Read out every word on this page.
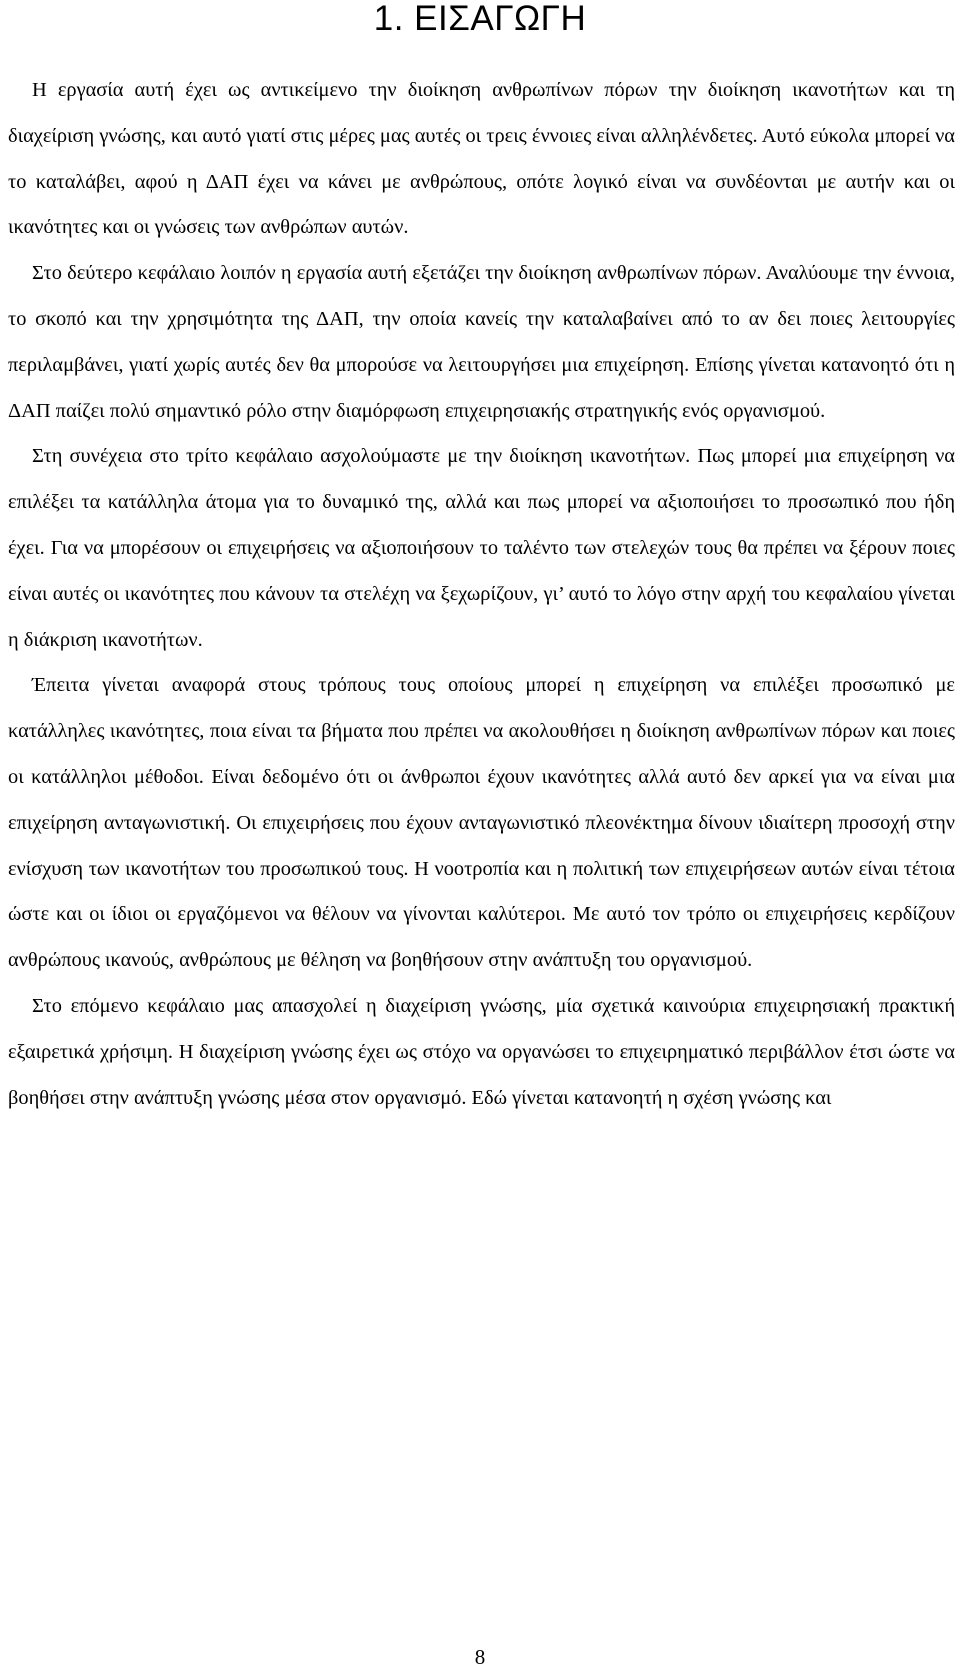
1. ΕΙΣΑΓΩΓΗ

Η εργασία αυτή έχει ως αντικείμενο την διοίκηση ανθρωπίνων πόρων την διοίκηση ικανοτήτων και τη διαχείριση γνώσης, και αυτό γιατί στις μέρες μας αυτές οι τρεις έννοιες είναι αλληλένδετες. Αυτό εύκολα μπορεί να το καταλάβει, αφού η ΔΑΠ έχει να κάνει με ανθρώπους, οπότε λογικό είναι να συνδέονται με αυτήν και οι ικανότητες και οι γνώσεις των ανθρώπων αυτών.

Στο δεύτερο κεφάλαιο λοιπόν η εργασία αυτή εξετάζει την διοίκηση ανθρωπίνων πόρων. Αναλύουμε την έννοια, το σκοπό και την χρησιμότητα της ΔΑΠ, την οποία κανείς την καταλαβαίνει από το αν δει ποιες λειτουργίες περιλαμβάνει, γιατί χωρίς αυτές δεν θα μπορούσε να λειτουργήσει μια επιχείρηση. Επίσης γίνεται κατανοητό ότι η ΔΑΠ παίζει πολύ σημαντικό ρόλο στην διαμόρφωση επιχειρησιακής στρατηγικής ενός οργανισμού.

Στη συνέχεια στο τρίτο κεφάλαιο ασχολούμαστε με την διοίκηση ικανοτήτων. Πως μπορεί μια επιχείρηση να επιλέξει τα κατάλληλα άτομα για το δυναμικό της, αλλά και πως μπορεί να αξιοποιήσει το προσωπικό που ήδη έχει. Για να μπορέσουν οι επιχειρήσεις να αξιοποιήσουν το ταλέντο των στελεχών τους θα πρέπει να ξέρουν ποιες είναι αυτές οι ικανότητες που κάνουν τα στελέχη να ξεχωρίζουν, γι’ αυτό το λόγο στην αρχή του κεφαλαίου γίνεται η διάκριση ικανοτήτων.

Έπειτα γίνεται αναφορά στους τρόπους τους οποίους μπορεί η επιχείρηση να επιλέξει προσωπικό με κατάλληλες ικανότητες, ποια είναι τα βήματα που πρέπει να ακολουθήσει η διοίκηση ανθρωπίνων πόρων και ποιες οι κατάλληλοι μέθοδοι. Είναι δεδομένο ότι οι άνθρωποι έχουν ικανότητες αλλά αυτό δεν αρκεί για να είναι μια επιχείρηση ανταγωνιστική. Οι επιχειρήσεις που έχουν ανταγωνιστικό πλεονέκτημα δίνουν ιδιαίτερη προσοχή στην ενίσχυση των ικανοτήτων του προσωπικού τους. Η νοοτροπία και η πολιτική των επιχειρήσεων αυτών είναι τέτοια ώστε και οι ίδιοι οι εργαζόμενοι να θέλουν να γίνονται καλύτεροι. Με αυτό τον τρόπο οι επιχειρήσεις κερδίζουν ανθρώπους ικανούς, ανθρώπους με θέληση να βοηθήσουν στην ανάπτυξη του οργανισμού.

Στο επόμενο κεφάλαιο μας απασχολεί η διαχείριση γνώσης, μία σχετικά καινούρια επιχειρησιακή πρακτική εξαιρετικά χρήσιμη. Η διαχείριση γνώσης έχει ως στόχο να οργανώσει το επιχειρηματικό περιβάλλον έτσι ώστε να βοηθήσει στην ανάπτυξη γνώσης μέσα στον οργανισμό. Εδώ γίνεται κατανοητή η σχέση γνώσης και

8
